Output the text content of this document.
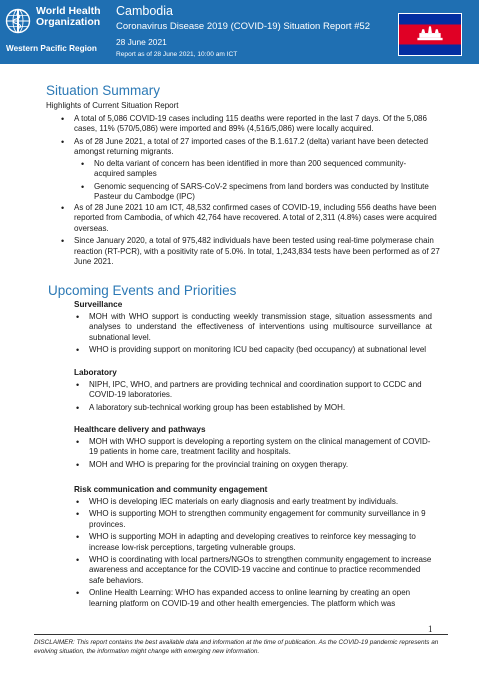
World Health
Organization
Western Pacific Region
Cambodia
Coronavirus Disease 2019 (COVID-19) Situation Report #52
28 June 2021
Report as of 28 June 2021, 10:00 am ICT
Situation Summary
Highlights of Current Situation Report

• A total of 5,086 COVID-19 cases including 115 deaths were reported in the last 7 days. Of the 5,086 cases, 11% (570/5,086) were imported and 89% (4,516/5,086) were locally acquired.

• As of 28 June 2021, a total of 27 imported cases of the B.1.617.2 (delta) variant have been detected amongst returning migrants.

• No delta variant of concern has been identified in more than 200 sequenced community-acquired samples

• Genomic sequencing of SARS-CoV-2 specimens from land borders was conducted by Institute Pasteur du Cambodge (IPC)

• As of 28 June 2021 10 am ICT, 48,532 confirmed cases of COVID-19, including 556 deaths have been reported from Cambodia, of which 42,764 have recovered. A total of 2,311 (4.8%) cases were acquired overseas.

• Since January 2020, a total of 975,482 individuals have been tested using real-time polymerase chain reaction (RT-PCR), with a positivity rate of 5.0%. In total, 1,243,834 tests have been performed as of 27 June 2021.

Upcoming Events and Priorities
Surveillance

• MOH with WHO support is conducting weekly transmission stage, situation assessments and analyses to understand the effectiveness of interventions using multisource surveillance at subnational level.

• WHO is providing support on monitoring ICU bed capacity (bed occupancy) at subnational level

Laboratory

• NIPH, IPC, WHO, and partners are providing technical and coordination support to CCDC and COVID-19 laboratories.

• A laboratory sub-technical working group has been established by MOH.

Healthcare delivery and pathways

• MOH with WHO support is developing a reporting system on the clinical management of COVID-19 patients in home care, treatment facility and hospitals.

• MOH and WHO is preparing for the provincial training on oxygen therapy.

Risk communication and community engagement

• WHO is developing IEC materials on early diagnosis and early treatment by individuals.

• WHO is supporting MOH to strengthen community engagement for community surveillance in 9 provinces.

• WHO is supporting MOH in adapting and developing creatives to reinforce key messaging to increase low-risk perceptions, targeting vulnerable groups.

• WHO is coordinating with local partners/NGOs to strengthen community engagement to increase awareness and acceptance for the COVID-19 vaccine and continue to practice recommended safe behaviors.

• Online Health Learning: WHO has expanded access to online learning by creating an open learning platform on COVID-19 and other health emergencies. The platform which was

1
DISCLAIMER: This report contains the best available data and information at the time of publication. As the COVID-19 pandemic represents an evolving situation, the information might change with emerging new information.
